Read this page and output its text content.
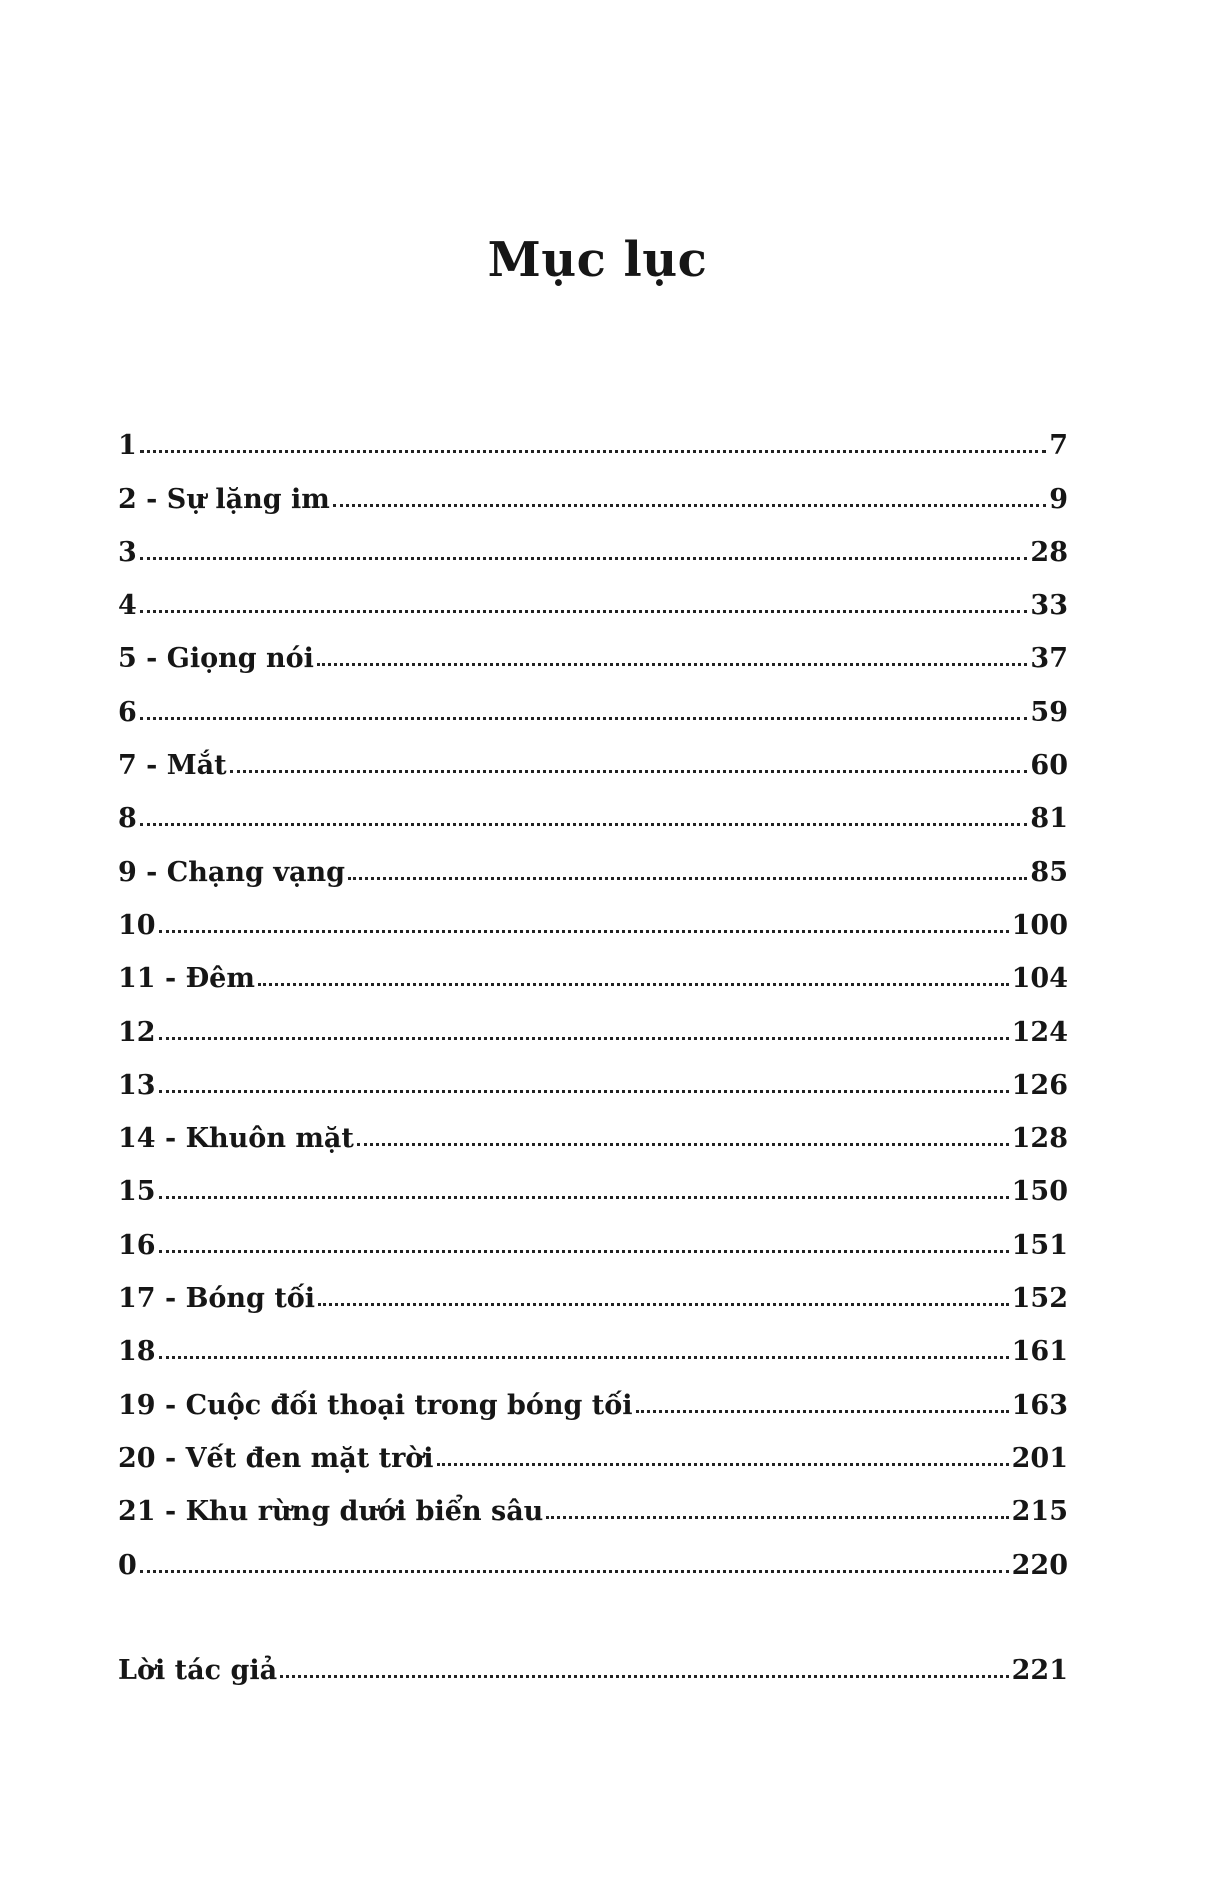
Mục lục
1	7
2 - Sự lặng im	9
3	28
4	33
5 - Giọng nói	37
6	59
7 - Mắt	60
8	81
9 - Chạng vạng	85
10	100
11 - Đêm	104
12	124
13	126
14 - Khuôn mặt	128
15	150
16	151
17 - Bóng tối	152
18	161
19 - Cuộc đối thoại trong bóng tối	163
20 - Vết đen mặt trời	201
21 - Khu rừng dưới biển sâu	215
0	220
Lời tác giả	221
